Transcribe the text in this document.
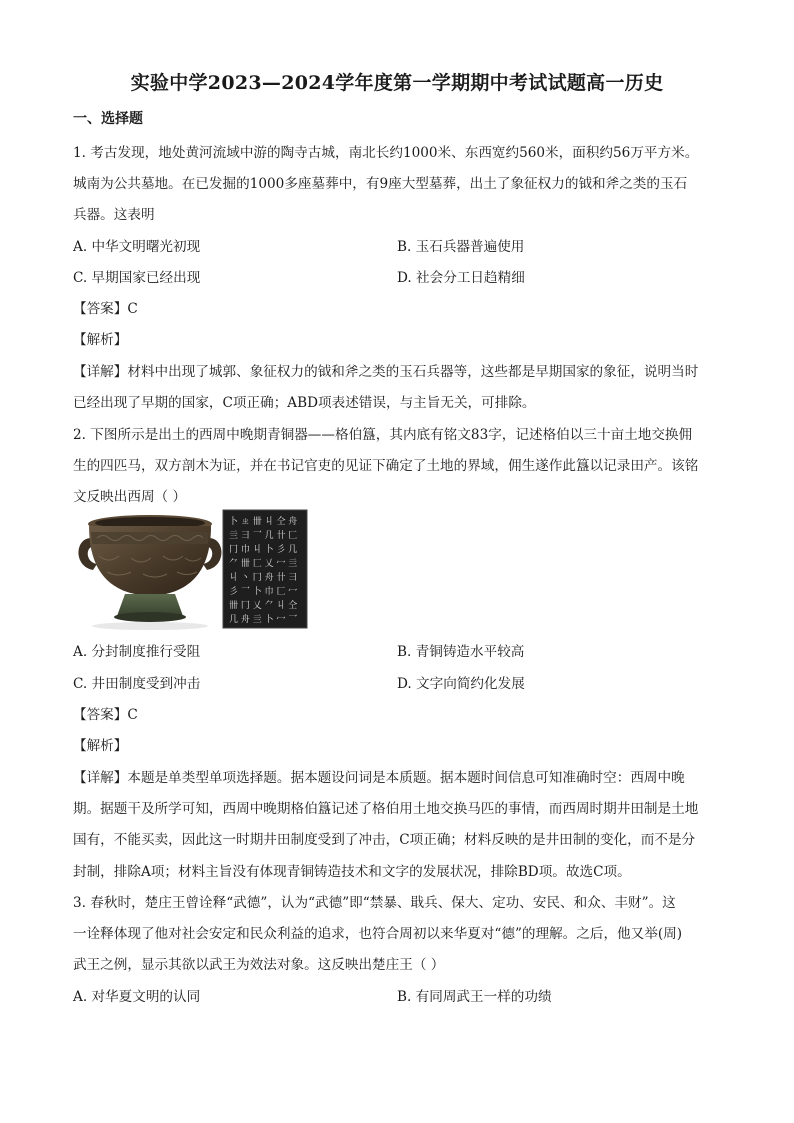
实验中学2023—2024学年度第一学期期中考试试题高一历史
一、选择题
1. 考古发现，地处黄河流域中游的陶寺古城，南北长约1000米、东西宽约560米，面积约56万平方米。
城南为公共墓地。在已发掘的1000多座墓葬中，有9座大型墓葬，出土了象征权力的钺和斧之类的玉石
兵器。这表明
A. 中华文明曙光初现	B. 玉石兵器普遍使用
C. 早期国家已经出现	D. 社会分工日趋精细
【答案】C
【解析】
【详解】材料中出现了城郭、象征权力的钺和斧之类的玉石兵器等，这些都是早期国家的象征，说明当时
已经出现了早期的国家，C项正确；ABD项表述错误，与主旨无关，可排除。
2. 下图所示是出土的西周中晚期青铜器——格伯簋，其内底有铭文83字，记述格伯以三十亩土地交换佣
生的四匹马，双方剖木为证，并在书记官吏的见证下确定了土地的界域，佣生遂作此簋以记录田产。该铭
文反映出西周（ ）
卜 ㄓ 卌 丩 仝 舟
亖 ⺕ 乛 ⼏ 卄 匚
冂 ⼱ 丩 卜 彡 ⼏
⺈ 卌 匚 乂 冖 亖
丩 ⼂ 冂 舟 卄 ⺕
彡 乛 卜 ⼱ 匚 冖
卌 冂 乂 ⺈ 丩 仝
⼏ 舟 亖 卜 冖 乛
A. 分封制度推行受阻	B. 青铜铸造水平较高
C. 井田制度受到冲击	D. 文字向简约化发展
【答案】C
【解析】
【详解】本题是单类型单项选择题。据本题设问词是本质题。据本题时间信息可知准确时空：西周中晚
期。据题干及所学可知，西周中晚期格伯簋记述了格伯用土地交换马匹的事情，而西周时期井田制是土地
国有，不能买卖，因此这一时期井田制度受到了冲击，C项正确；材料反映的是井田制的变化，而不是分
封制，排除A项；材料主旨没有体现青铜铸造技术和文字的发展状况，排除BD项。故选C项。
3. 春秋时，楚庄王曾诠释“武德”，认为“武德”即“禁暴、戢兵、保大、定功、安民、和众、丰财”。这
一诠释体现了他对社会安定和民众利益的追求，也符合周初以来华夏对“德”的理解。之后，他又举(周)
武王之例，显示其欲以武王为效法对象。这反映出楚庄王（ ）
A. 对华夏文明的认同	B. 有同周武王一样的功绩
